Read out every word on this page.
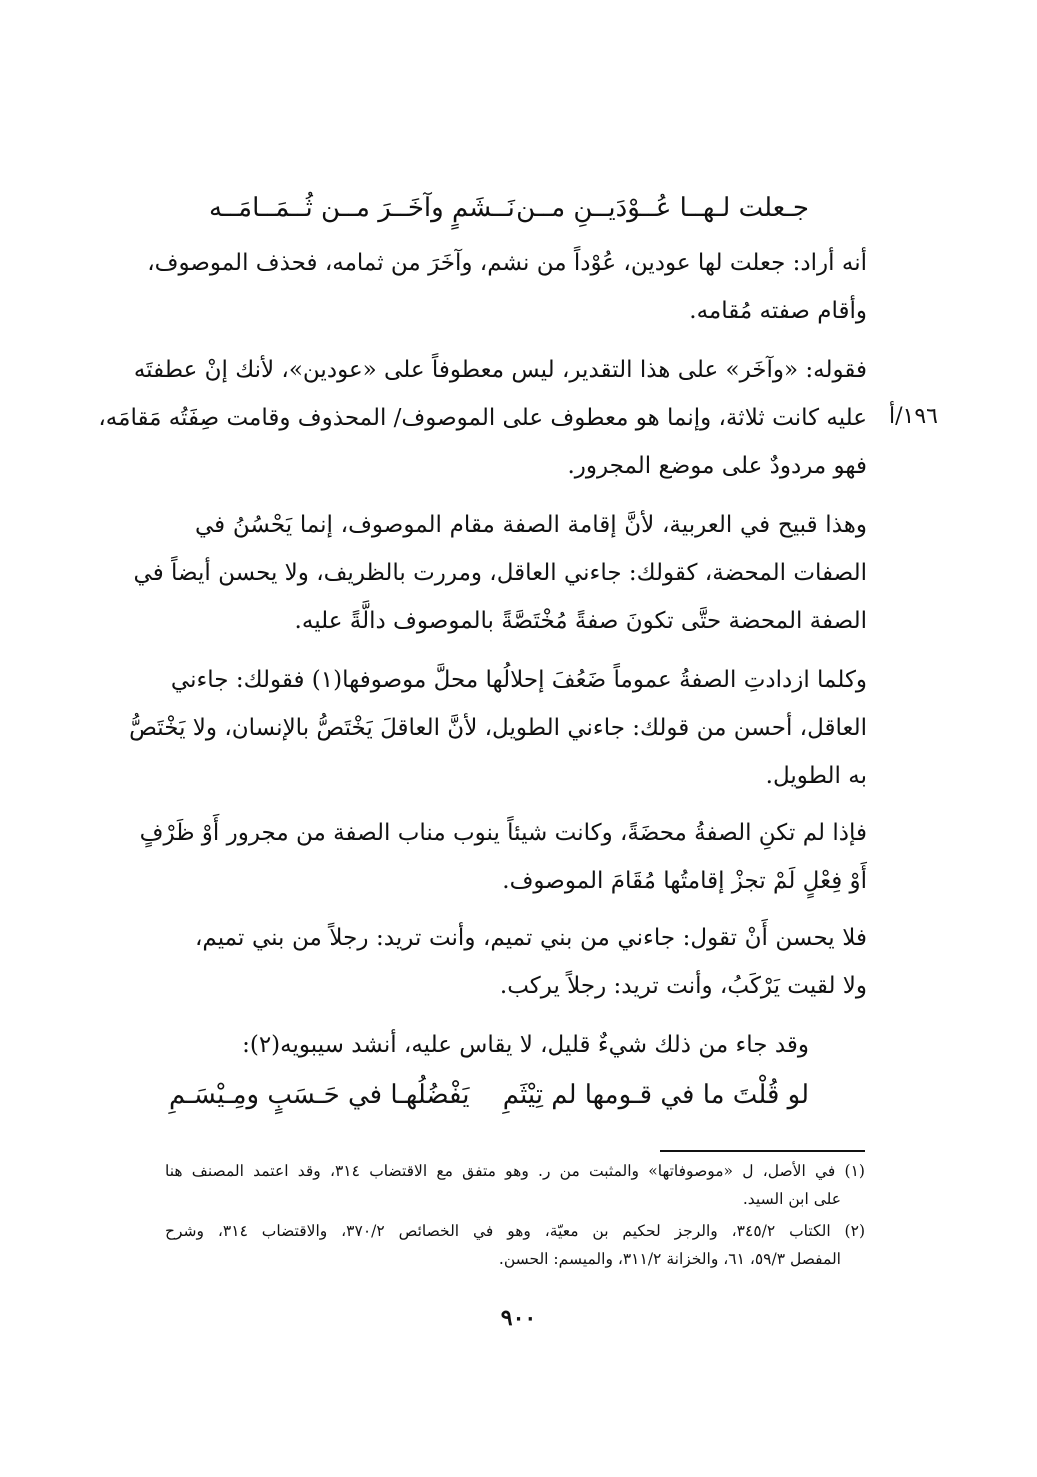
جـعلت لـهــا عُــوْدَيــنِ مــن
نَــشَمٍ وآخَــرَ مــن ثُــمَــامَــه
أنه أراد: جعلت لها عودين، عُوْداً من نشم، وآخَرَ من ثمامه، فحذف الموصوف،
وأقام صفته مُقامه.
فقوله: «وآخَر» على هذا التقدير، ليس معطوفاً على «عودين»، لأنك إنْ عطفتَه
عليه كانت ثلاثة، وإنما هو معطوف على الموصوف/ المحذوف وقامت صِفَتُه مَقامَه،	١٩٦/أ
فهو مردودٌ على موضع المجرور.
وهذا قبيح في العربية، لأنَّ إقامة الصفة مقام الموصوف، إنما يَحْسُنُ في
الصفات المحضة، كقولك: جاءني العاقل، ومررت بالظريف، ولا يحسن أيضاً في
الصفة المحضة حتَّى تكونَ صفةً مُخْتَصَّةً بالموصوف دالَّةً عليه.
وكلما ازدادتِ الصفةُ عموماً ضَعُفَ إحلالُها محلَّ موصوفها(١) فقولك: جاءني
العاقل، أحسن من قولك: جاءني الطويل، لأنَّ العاقلَ يَخْتَصُّ بالإنسان، ولا يَخْتَصُّ
به الطويل.
فإذا لم تكنِ الصفةُ محضَةً، وكانت شيئاً ينوب مناب الصفة من مجرور أَوْ ظَرْفٍ
أَوْ فِعْلٍ لَمْ تجزْ إقامتُها مُقَامَ الموصوف.
فلا يحسن أَنْ تقول: جاءني من بني تميم، وأنت تريد: رجلاً من بني تميم،
ولا لقيت يَرْكَبُ، وأنت تريد: رجلاً يركب.
وقد جاء من ذلك شيءٌ قليل، لا يقاس عليه، أنشد سيبويه(٢):
لو قُلْتَ ما في قـومها لم تِيْثَمِ
يَفْضُلُهـا في حَـسَبٍ ومِـيْسَـمِ
(١) في الأصل، ل «موصوفاتها» والمثبت من ر. وهو متفق مع الاقتضاب ٣١٤، وقد اعتمد المصنف هنا
على ابن السيد.
(٢) الكتاب ٣٤٥/٢، والرجز لحكيم بن معيّة، وهو في الخصائص ٣٧٠/٢، والاقتضاب ٣١٤، وشرح
المفصل ٥٩/٣، ٦١، والخزانة ٣١١/٢، والميسم: الحسن.
٩٠٠
